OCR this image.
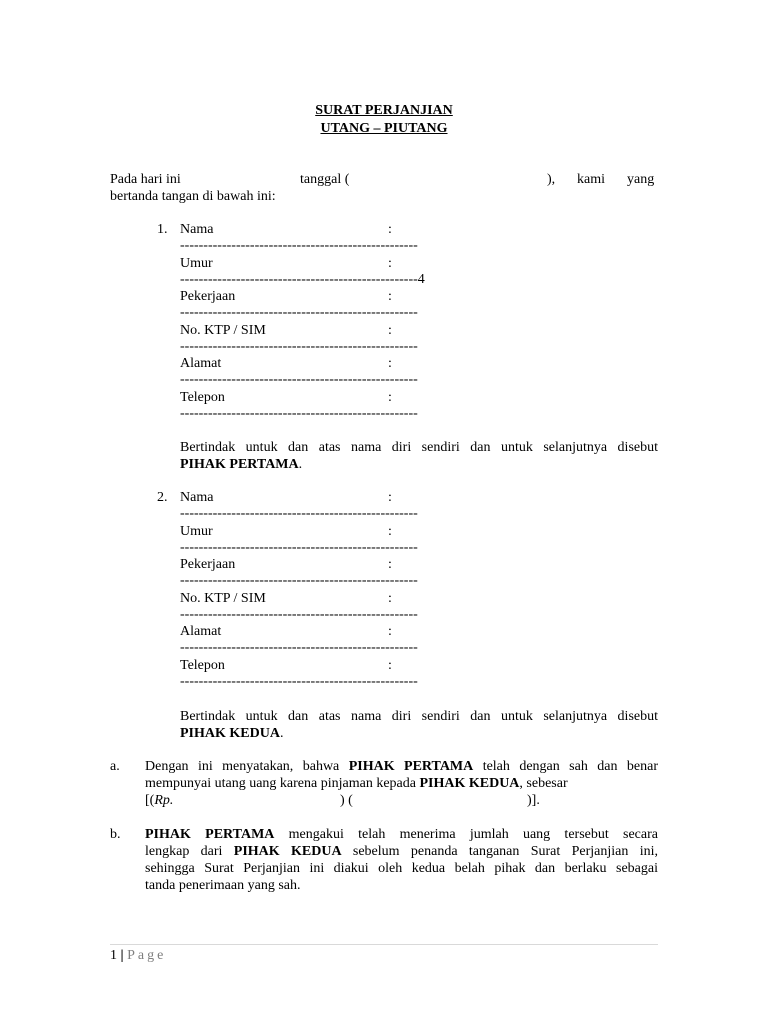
SURAT PERJANJIAN
UTANG – PIUTANG
Pada hari ini	tanggal (	), kami yang
bertanda tangan di bawah ini:
1. Nama	:
---------------------------------------------------
Umur	:
---------------------------------------------------4
Pekerjaan	:
---------------------------------------------------
No. KTP / SIM	:
---------------------------------------------------
Alamat	:
---------------------------------------------------
Telepon	:
---------------------------------------------------
Bertindak untuk dan atas nama diri sendiri dan untuk selanjutnya disebut
PIHAK PERTAMA.
2. Nama	:
---------------------------------------------------
Umur	:
---------------------------------------------------
Pekerjaan	:
---------------------------------------------------
No. KTP / SIM	:
---------------------------------------------------
Alamat	:
---------------------------------------------------
Telepon	:
---------------------------------------------------
Bertindak untuk dan atas nama diri sendiri dan untuk selanjutnya disebut
PIHAK KEDUA.
a. Dengan ini menyatakan, bahwa PIHAK PERTAMA telah dengan sah dan benar
mempunyai utang uang karena pinjaman kepada PIHAK KEDUA, sebesar
[(Rp.	) (	)].
b. PIHAK PERTAMA mengakui telah menerima jumlah uang tersebut secara
lengkap dari PIHAK KEDUA sebelum penanda tanganan Surat Perjanjian ini,
sehingga Surat Perjanjian ini diakui oleh kedua belah pihak dan berlaku sebagai
tanda penerimaan yang sah.
1 | Page
